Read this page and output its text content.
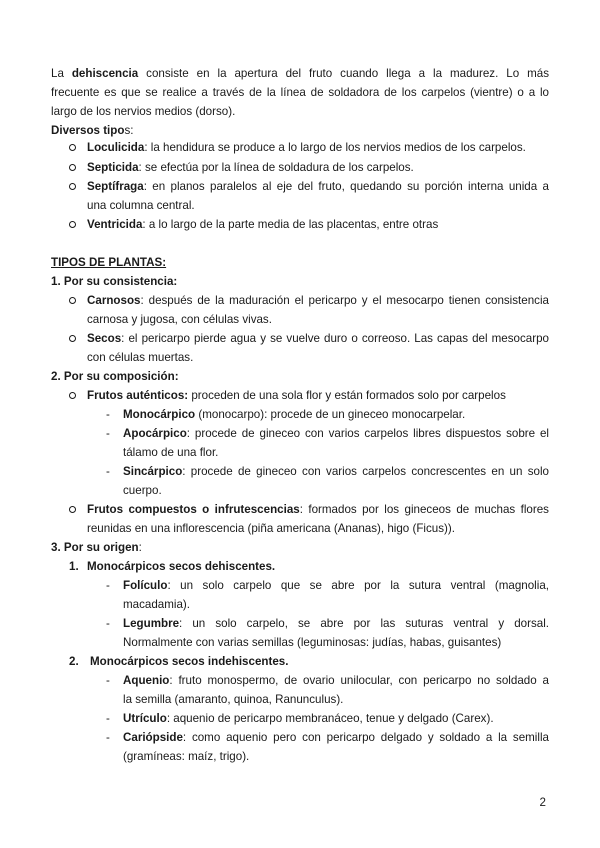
La dehiscencia consiste en la apertura del fruto cuando llega a la madurez. Lo más
frecuente es que se realice a través de la línea de soldadora de los carpelos (vientre) o a lo
largo de los nervios medios (dorso).
Diversos tipos:
Loculicida: la hendidura se produce a lo largo de los nervios medios de los carpelos.
Septicida: se efectúa por la línea de soldadura de los carpelos.
Septífraga: en planos paralelos al eje del fruto, quedando su porción interna unida a
una columna central.
Ventricida: a lo largo de la parte media de las placentas, entre otras
TIPOS DE PLANTAS:
1. Por su consistencia:
Carnosos: después de la maduración el pericarpo y el mesocarpo tienen consistencia
carnosa y jugosa, con células vivas.
Secos: el pericarpo pierde agua y se vuelve duro o correoso. Las capas del mesocarpo
con células muertas.
2. Por su composición:
Frutos auténticos: proceden de una sola flor y están formados solo por carpelos
- Monocárpico (monocarpo): procede de un gineceo monocarpelar.
- Apocárpico: procede de gineceo con varios carpelos libres dispuestos sobre el
tálamo de una flor.
- Sincárpico: procede de gineceo con varios carpelos concrescentes en un solo
cuerpo.
Frutos compuestos o infrutescencias: formados por los gineceos de muchas flores
reunidas en una inflorescencia (piña americana (Ananas), higo (Ficus)).
3. Por su origen:
1. Monocárpicos secos dehiscentes.
- Folículo: un solo carpelo que se abre por la sutura ventral (magnolia,
macadamia).
- Legumbre: un solo carpelo, se abre por las suturas ventral y dorsal.
Normalmente con varias semillas (leguminosas: judías, habas, guisantes)
2. Monocárpicos secos indehiscentes.
- Aquenio: fruto monospermo, de ovario unilocular, con pericarpo no soldado a
la semilla (amaranto, quinoa, Ranunculus).
- Utrículo: aquenio de pericarpo membranáceo, tenue y delgado (Carex).
- Cariópside: como aquenio pero con pericarpo delgado y soldado a la semilla
(gramíneas: maíz, trigo).
2
